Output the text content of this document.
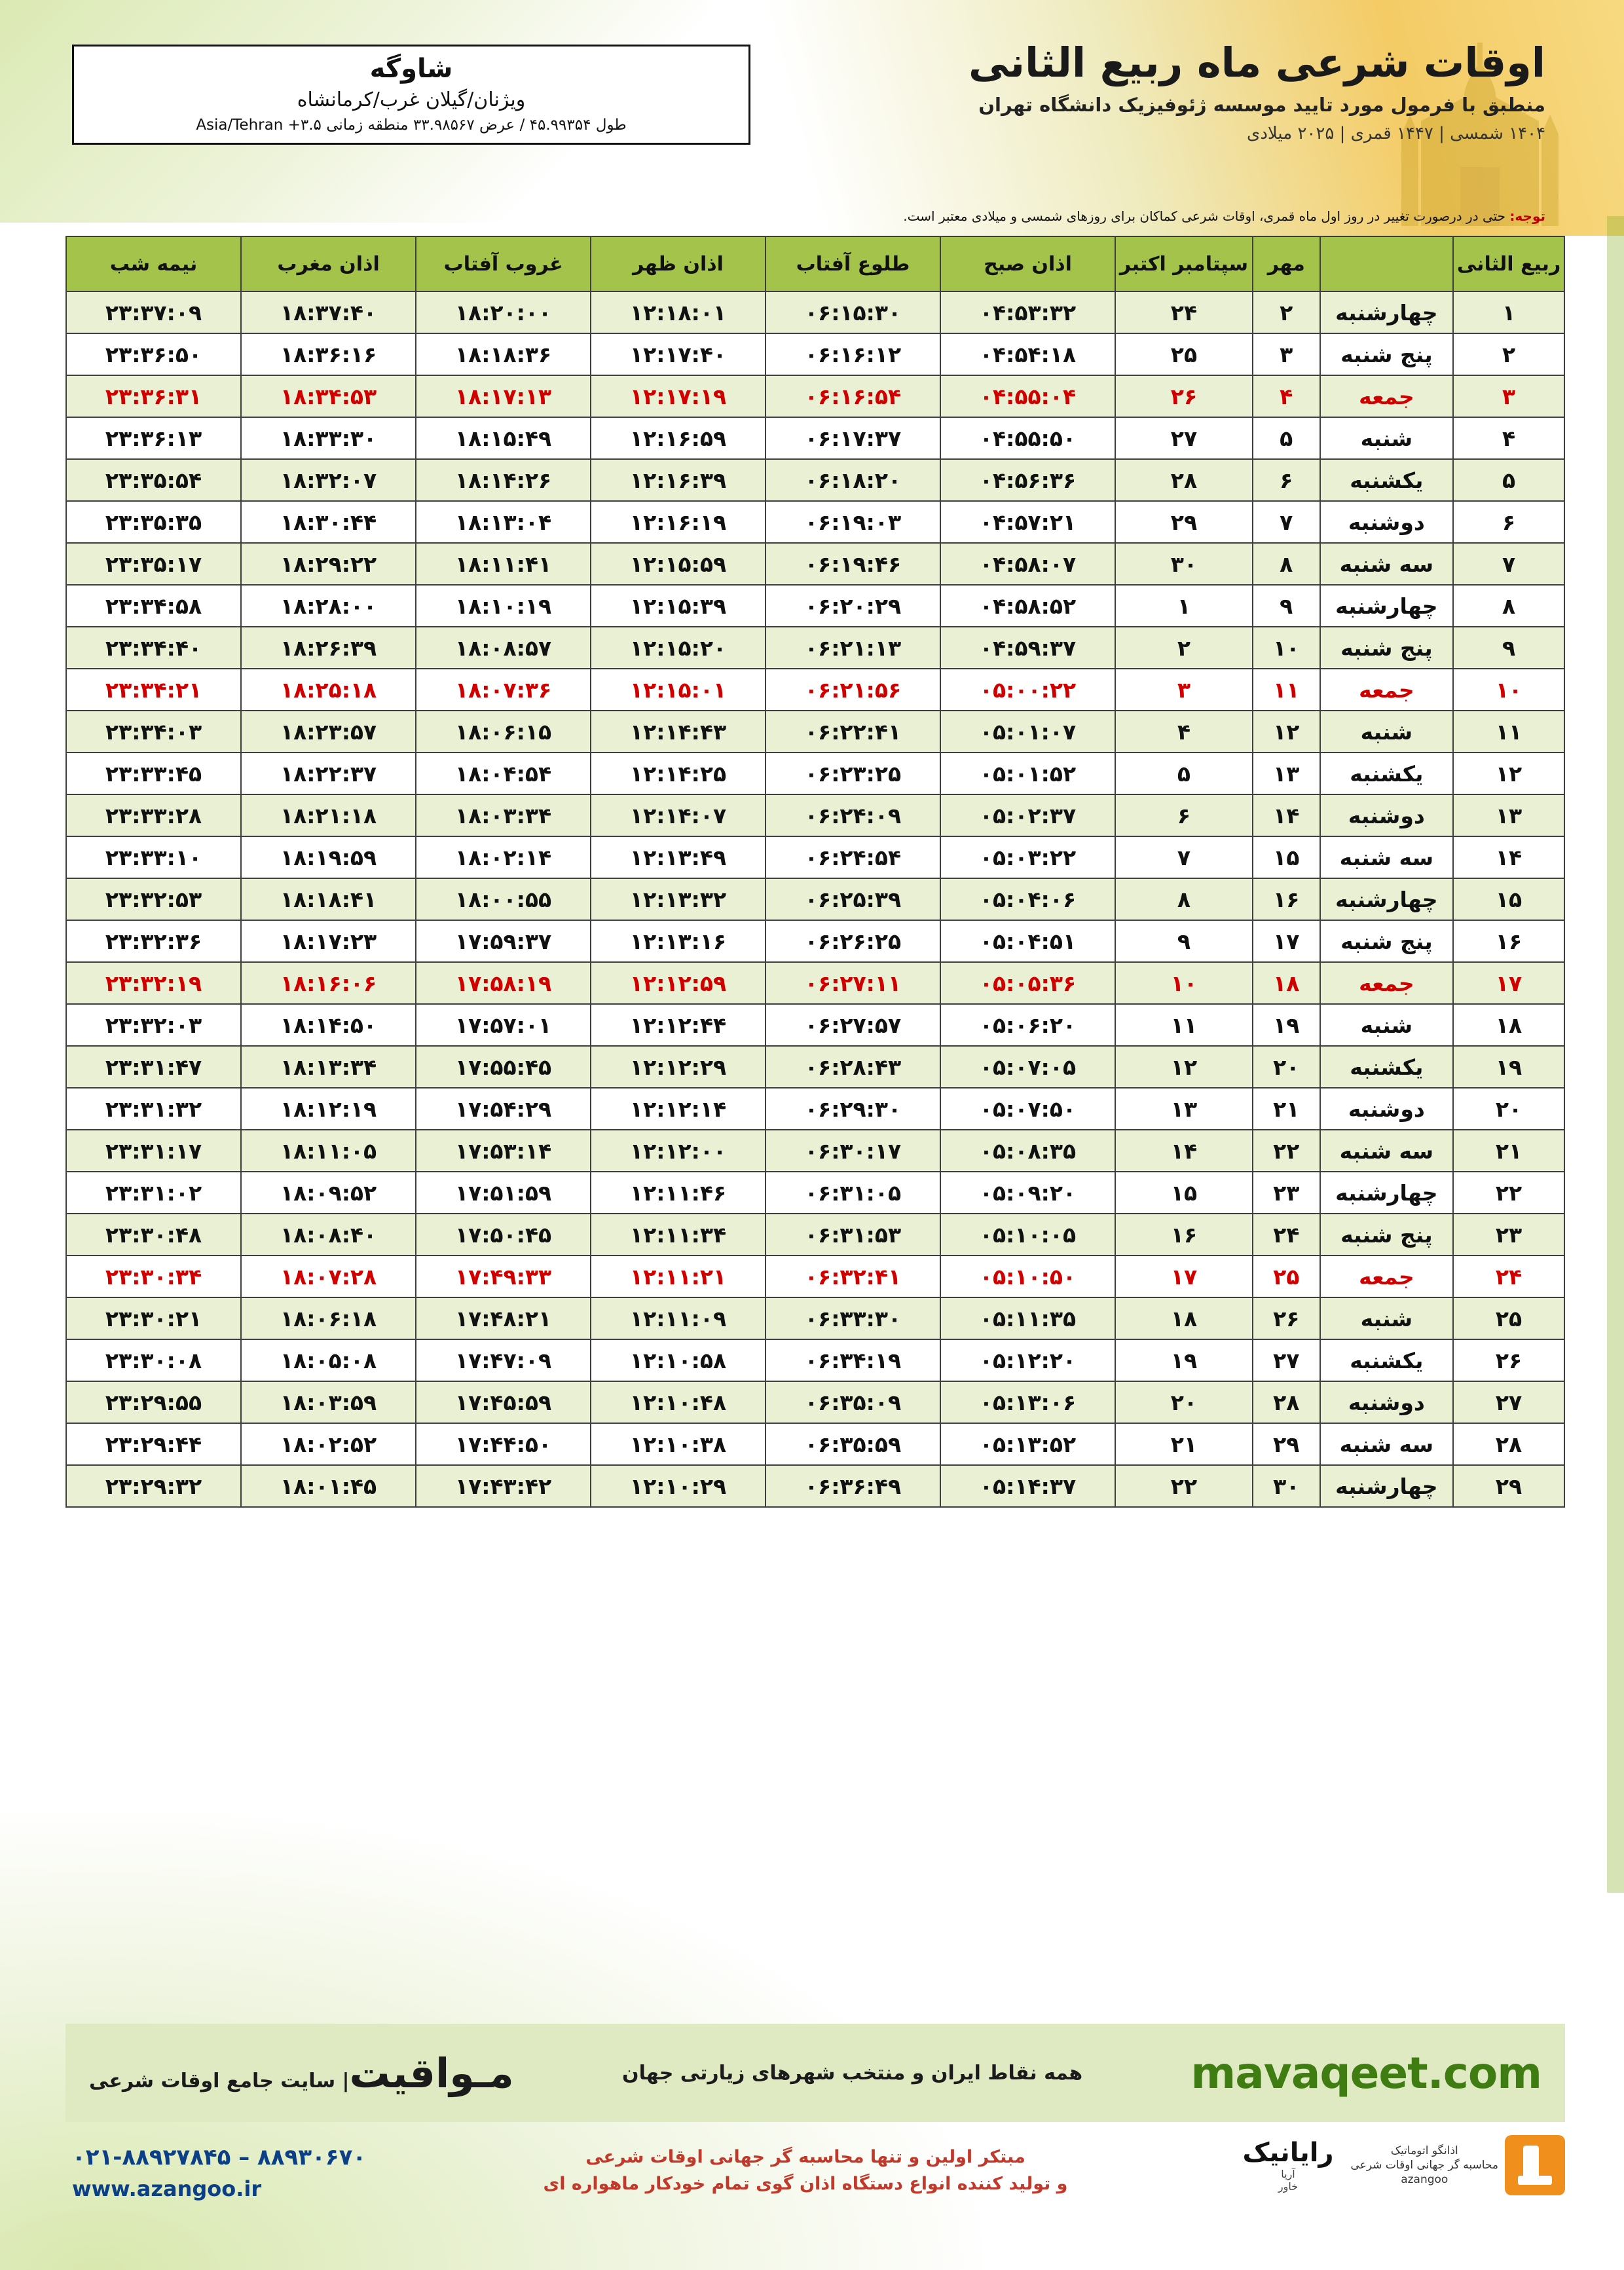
اوقات شرعی ماه ربیع الثانی
منطبق با فرمول مورد تایید موسسه ژئوفیزیک دانشگاه تهران
۱۴۰۴ شمسی | ۱۴۴۷ قمری | ۲۰۲۵ میلادی
شاوگه
ویژنان/گیلان غرب/کرمانشاه
طول ۴۵.۹۹۳۵۴ / عرض ۳۳.۹۸۵۶۷ منطقه زمانی ۳.۵+ Asia/Tehran
توجه: حتی در درصورت تغییر در روز اول ماه قمری، اوقات شرعی کماکان برای روزهای شمسی و میلادی معتبر است.
ربیع الثانی		مهر	سپتامبر اکتبر	اذان صبح	طلوع آفتاب	اذان ظهر	غروب آفتاب	اذان مغرب	نیمه شب
۱	چهارشنبه	۲	۲۴	۰۴:۵۳:۳۲	۰۶:۱۵:۳۰	۱۲:۱۸:۰۱	۱۸:۲۰:۰۰	۱۸:۳۷:۴۰	۲۳:۳۷:۰۹
۲	پنج شنبه	۳	۲۵	۰۴:۵۴:۱۸	۰۶:۱۶:۱۲	۱۲:۱۷:۴۰	۱۸:۱۸:۳۶	۱۸:۳۶:۱۶	۲۳:۳۶:۵۰
۳	جمعه	۴	۲۶	۰۴:۵۵:۰۴	۰۶:۱۶:۵۴	۱۲:۱۷:۱۹	۱۸:۱۷:۱۳	۱۸:۳۴:۵۳	۲۳:۳۶:۳۱
۴	شنبه	۵	۲۷	۰۴:۵۵:۵۰	۰۶:۱۷:۳۷	۱۲:۱۶:۵۹	۱۸:۱۵:۴۹	۱۸:۳۳:۳۰	۲۳:۳۶:۱۳
۵	یکشنبه	۶	۲۸	۰۴:۵۶:۳۶	۰۶:۱۸:۲۰	۱۲:۱۶:۳۹	۱۸:۱۴:۲۶	۱۸:۳۲:۰۷	۲۳:۳۵:۵۴
۶	دوشنبه	۷	۲۹	۰۴:۵۷:۲۱	۰۶:۱۹:۰۳	۱۲:۱۶:۱۹	۱۸:۱۳:۰۴	۱۸:۳۰:۴۴	۲۳:۳۵:۳۵
۷	سه شنبه	۸	۳۰	۰۴:۵۸:۰۷	۰۶:۱۹:۴۶	۱۲:۱۵:۵۹	۱۸:۱۱:۴۱	۱۸:۲۹:۲۲	۲۳:۳۵:۱۷
۸	چهارشنبه	۹	۱	۰۴:۵۸:۵۲	۰۶:۲۰:۲۹	۱۲:۱۵:۳۹	۱۸:۱۰:۱۹	۱۸:۲۸:۰۰	۲۳:۳۴:۵۸
۹	پنج شنبه	۱۰	۲	۰۴:۵۹:۳۷	۰۶:۲۱:۱۳	۱۲:۱۵:۲۰	۱۸:۰۸:۵۷	۱۸:۲۶:۳۹	۲۳:۳۴:۴۰
۱۰	جمعه	۱۱	۳	۰۵:۰۰:۲۲	۰۶:۲۱:۵۶	۱۲:۱۵:۰۱	۱۸:۰۷:۳۶	۱۸:۲۵:۱۸	۲۳:۳۴:۲۱
۱۱	شنبه	۱۲	۴	۰۵:۰۱:۰۷	۰۶:۲۲:۴۱	۱۲:۱۴:۴۳	۱۸:۰۶:۱۵	۱۸:۲۳:۵۷	۲۳:۳۴:۰۳
۱۲	یکشنبه	۱۳	۵	۰۵:۰۱:۵۲	۰۶:۲۳:۲۵	۱۲:۱۴:۲۵	۱۸:۰۴:۵۴	۱۸:۲۲:۳۷	۲۳:۳۳:۴۵
۱۳	دوشنبه	۱۴	۶	۰۵:۰۲:۳۷	۰۶:۲۴:۰۹	۱۲:۱۴:۰۷	۱۸:۰۳:۳۴	۱۸:۲۱:۱۸	۲۳:۳۳:۲۸
۱۴	سه شنبه	۱۵	۷	۰۵:۰۳:۲۲	۰۶:۲۴:۵۴	۱۲:۱۳:۴۹	۱۸:۰۲:۱۴	۱۸:۱۹:۵۹	۲۳:۳۳:۱۰
۱۵	چهارشنبه	۱۶	۸	۰۵:۰۴:۰۶	۰۶:۲۵:۳۹	۱۲:۱۳:۳۲	۱۸:۰۰:۵۵	۱۸:۱۸:۴۱	۲۳:۳۲:۵۳
۱۶	پنج شنبه	۱۷	۹	۰۵:۰۴:۵۱	۰۶:۲۶:۲۵	۱۲:۱۳:۱۶	۱۷:۵۹:۳۷	۱۸:۱۷:۲۳	۲۳:۳۲:۳۶
۱۷	جمعه	۱۸	۱۰	۰۵:۰۵:۳۶	۰۶:۲۷:۱۱	۱۲:۱۲:۵۹	۱۷:۵۸:۱۹	۱۸:۱۶:۰۶	۲۳:۳۲:۱۹
۱۸	شنبه	۱۹	۱۱	۰۵:۰۶:۲۰	۰۶:۲۷:۵۷	۱۲:۱۲:۴۴	۱۷:۵۷:۰۱	۱۸:۱۴:۵۰	۲۳:۳۲:۰۳
۱۹	یکشنبه	۲۰	۱۲	۰۵:۰۷:۰۵	۰۶:۲۸:۴۳	۱۲:۱۲:۲۹	۱۷:۵۵:۴۵	۱۸:۱۳:۳۴	۲۳:۳۱:۴۷
۲۰	دوشنبه	۲۱	۱۳	۰۵:۰۷:۵۰	۰۶:۲۹:۳۰	۱۲:۱۲:۱۴	۱۷:۵۴:۲۹	۱۸:۱۲:۱۹	۲۳:۳۱:۳۲
۲۱	سه شنبه	۲۲	۱۴	۰۵:۰۸:۳۵	۰۶:۳۰:۱۷	۱۲:۱۲:۰۰	۱۷:۵۳:۱۴	۱۸:۱۱:۰۵	۲۳:۳۱:۱۷
۲۲	چهارشنبه	۲۳	۱۵	۰۵:۰۹:۲۰	۰۶:۳۱:۰۵	۱۲:۱۱:۴۶	۱۷:۵۱:۵۹	۱۸:۰۹:۵۲	۲۳:۳۱:۰۲
۲۳	پنج شنبه	۲۴	۱۶	۰۵:۱۰:۰۵	۰۶:۳۱:۵۳	۱۲:۱۱:۳۴	۱۷:۵۰:۴۵	۱۸:۰۸:۴۰	۲۳:۳۰:۴۸
۲۴	جمعه	۲۵	۱۷	۰۵:۱۰:۵۰	۰۶:۳۲:۴۱	۱۲:۱۱:۲۱	۱۷:۴۹:۳۳	۱۸:۰۷:۲۸	۲۳:۳۰:۳۴
۲۵	شنبه	۲۶	۱۸	۰۵:۱۱:۳۵	۰۶:۳۳:۳۰	۱۲:۱۱:۰۹	۱۷:۴۸:۲۱	۱۸:۰۶:۱۸	۲۳:۳۰:۲۱
۲۶	یکشنبه	۲۷	۱۹	۰۵:۱۲:۲۰	۰۶:۳۴:۱۹	۱۲:۱۰:۵۸	۱۷:۴۷:۰۹	۱۸:۰۵:۰۸	۲۳:۳۰:۰۸
۲۷	دوشنبه	۲۸	۲۰	۰۵:۱۳:۰۶	۰۶:۳۵:۰۹	۱۲:۱۰:۴۸	۱۷:۴۵:۵۹	۱۸:۰۳:۵۹	۲۳:۲۹:۵۵
۲۸	سه شنبه	۲۹	۲۱	۰۵:۱۳:۵۲	۰۶:۳۵:۵۹	۱۲:۱۰:۳۸	۱۷:۴۴:۵۰	۱۸:۰۲:۵۲	۲۳:۲۹:۴۴
۲۹	چهارشنبه	۳۰	۲۲	۰۵:۱۴:۳۷	۰۶:۳۶:۴۹	۱۲:۱۰:۲۹	۱۷:۴۳:۴۲	۱۸:۰۱:۴۵	۲۳:۲۹:۳۲
mavaqeet.com
همه نقاط ایران و منتخب شهرهای زیارتی جهان
مـواقیت| سایت جامع اوقات شرعی
۰۲۱-۸۸۹۲۷۸۴۵ – ۸۸۹۳۰۶۷۰
www.azangoo.ir
مبتکر اولین و تنها محاسبه گر جهانی اوقات شرعی
و تولید کننده انواع دستگاه اذان گوی تمام خودکار ماهواره ای
اذانگو اتوماتیک
محاسبه گر جهانی اوقات شرعی
azangoo
رایانیک
آریا
خاور
